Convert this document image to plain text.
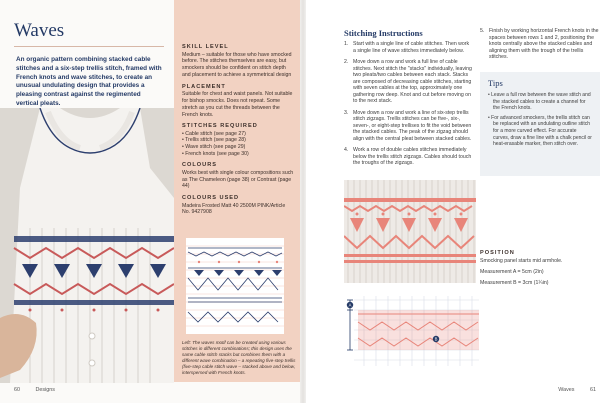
Waves

An organic pattern combining stacked cable stitches and a six-step trellis stitch, framed with French knots and wave stitches, to create an unusual undulating design that provides a pleasing contrast against the regimented vertical pleats.

SKILL LEVEL
Medium – suitable for those who have smocked before. The stitches themselves are easy, but smockers should be confident on stitch depth and placement to achieve a symmetrical design
PLACEMENT
Suitable for chest and waist panels. Not suitable for bishop smocks. Does not repeat. Some stretch as you cut the threads between the French knots.
STITCHES REQUIRED
• Cable stitch (see page 27)
• Trellis stitch (see page 28)
• Wave stitch (see page 29)
• French knots (see page 30)
COLOURS
Works best with single colour compositions such as The Chameleon (page 38) or Contrast (page 44)
COLOURS USED
Madeira Frosted Matt 40 2500M PINK/Article No. 9427908

Left: The waves motif can be created using various stitches in different combinations; this design uses the same cable stitch stacks but combines them with a different wave combination – a repeating five-step trellis (five-step cable stitch wave – stacked above and below, interspersed with French knots.

60	Designs
Stitching Instructions
1. Start with a single line of cable stitches. Then work a single line of wave stitches immediately below.
2. Move down a row and work a full line of cable stitches. Next stitch the "stacks" individually, leaving two pleats/two cables between each stack. Stacks are composed of decreasing cable stitches, starting with seven cables at the top, approximately one gathering row deep. Knot and cut before moving on to the next stack.
3. Move down a row and work a line of six-step trellis stitch zigzags. Trellis stitches can be five-, six-, seven-, or eight-step trellises to fit the void between the stacked cables. The peak of the zigzag should align with the central pleat between stacked cables.
4. Work a row of double cables stitches immediately below the trellis stitch zigzags. Cables should touch the troughs of the zigzags.
5. Finish by working horizontal French knots in the spaces between rows 1 and 2, positioning the knots centrally above the stacked cables and aligning them with the trough of the trellis stitches.
Tips
• Leave a full row between the wave stitch and the stacked cables to create a channel for the French knots.
• For advanced smockers, the trellis stitch can be replaced with an undulating outline stitch for a more curved effect. For accurate curves, draw a fine line with a chalk pencil or heat-erasable marker, then stitch over.
POSITION
Smocking panel starts mid armhole.
Measurement A = 5cm (2in)
Measurement B = 3cm (1¼in)
A
B
Waves	61
